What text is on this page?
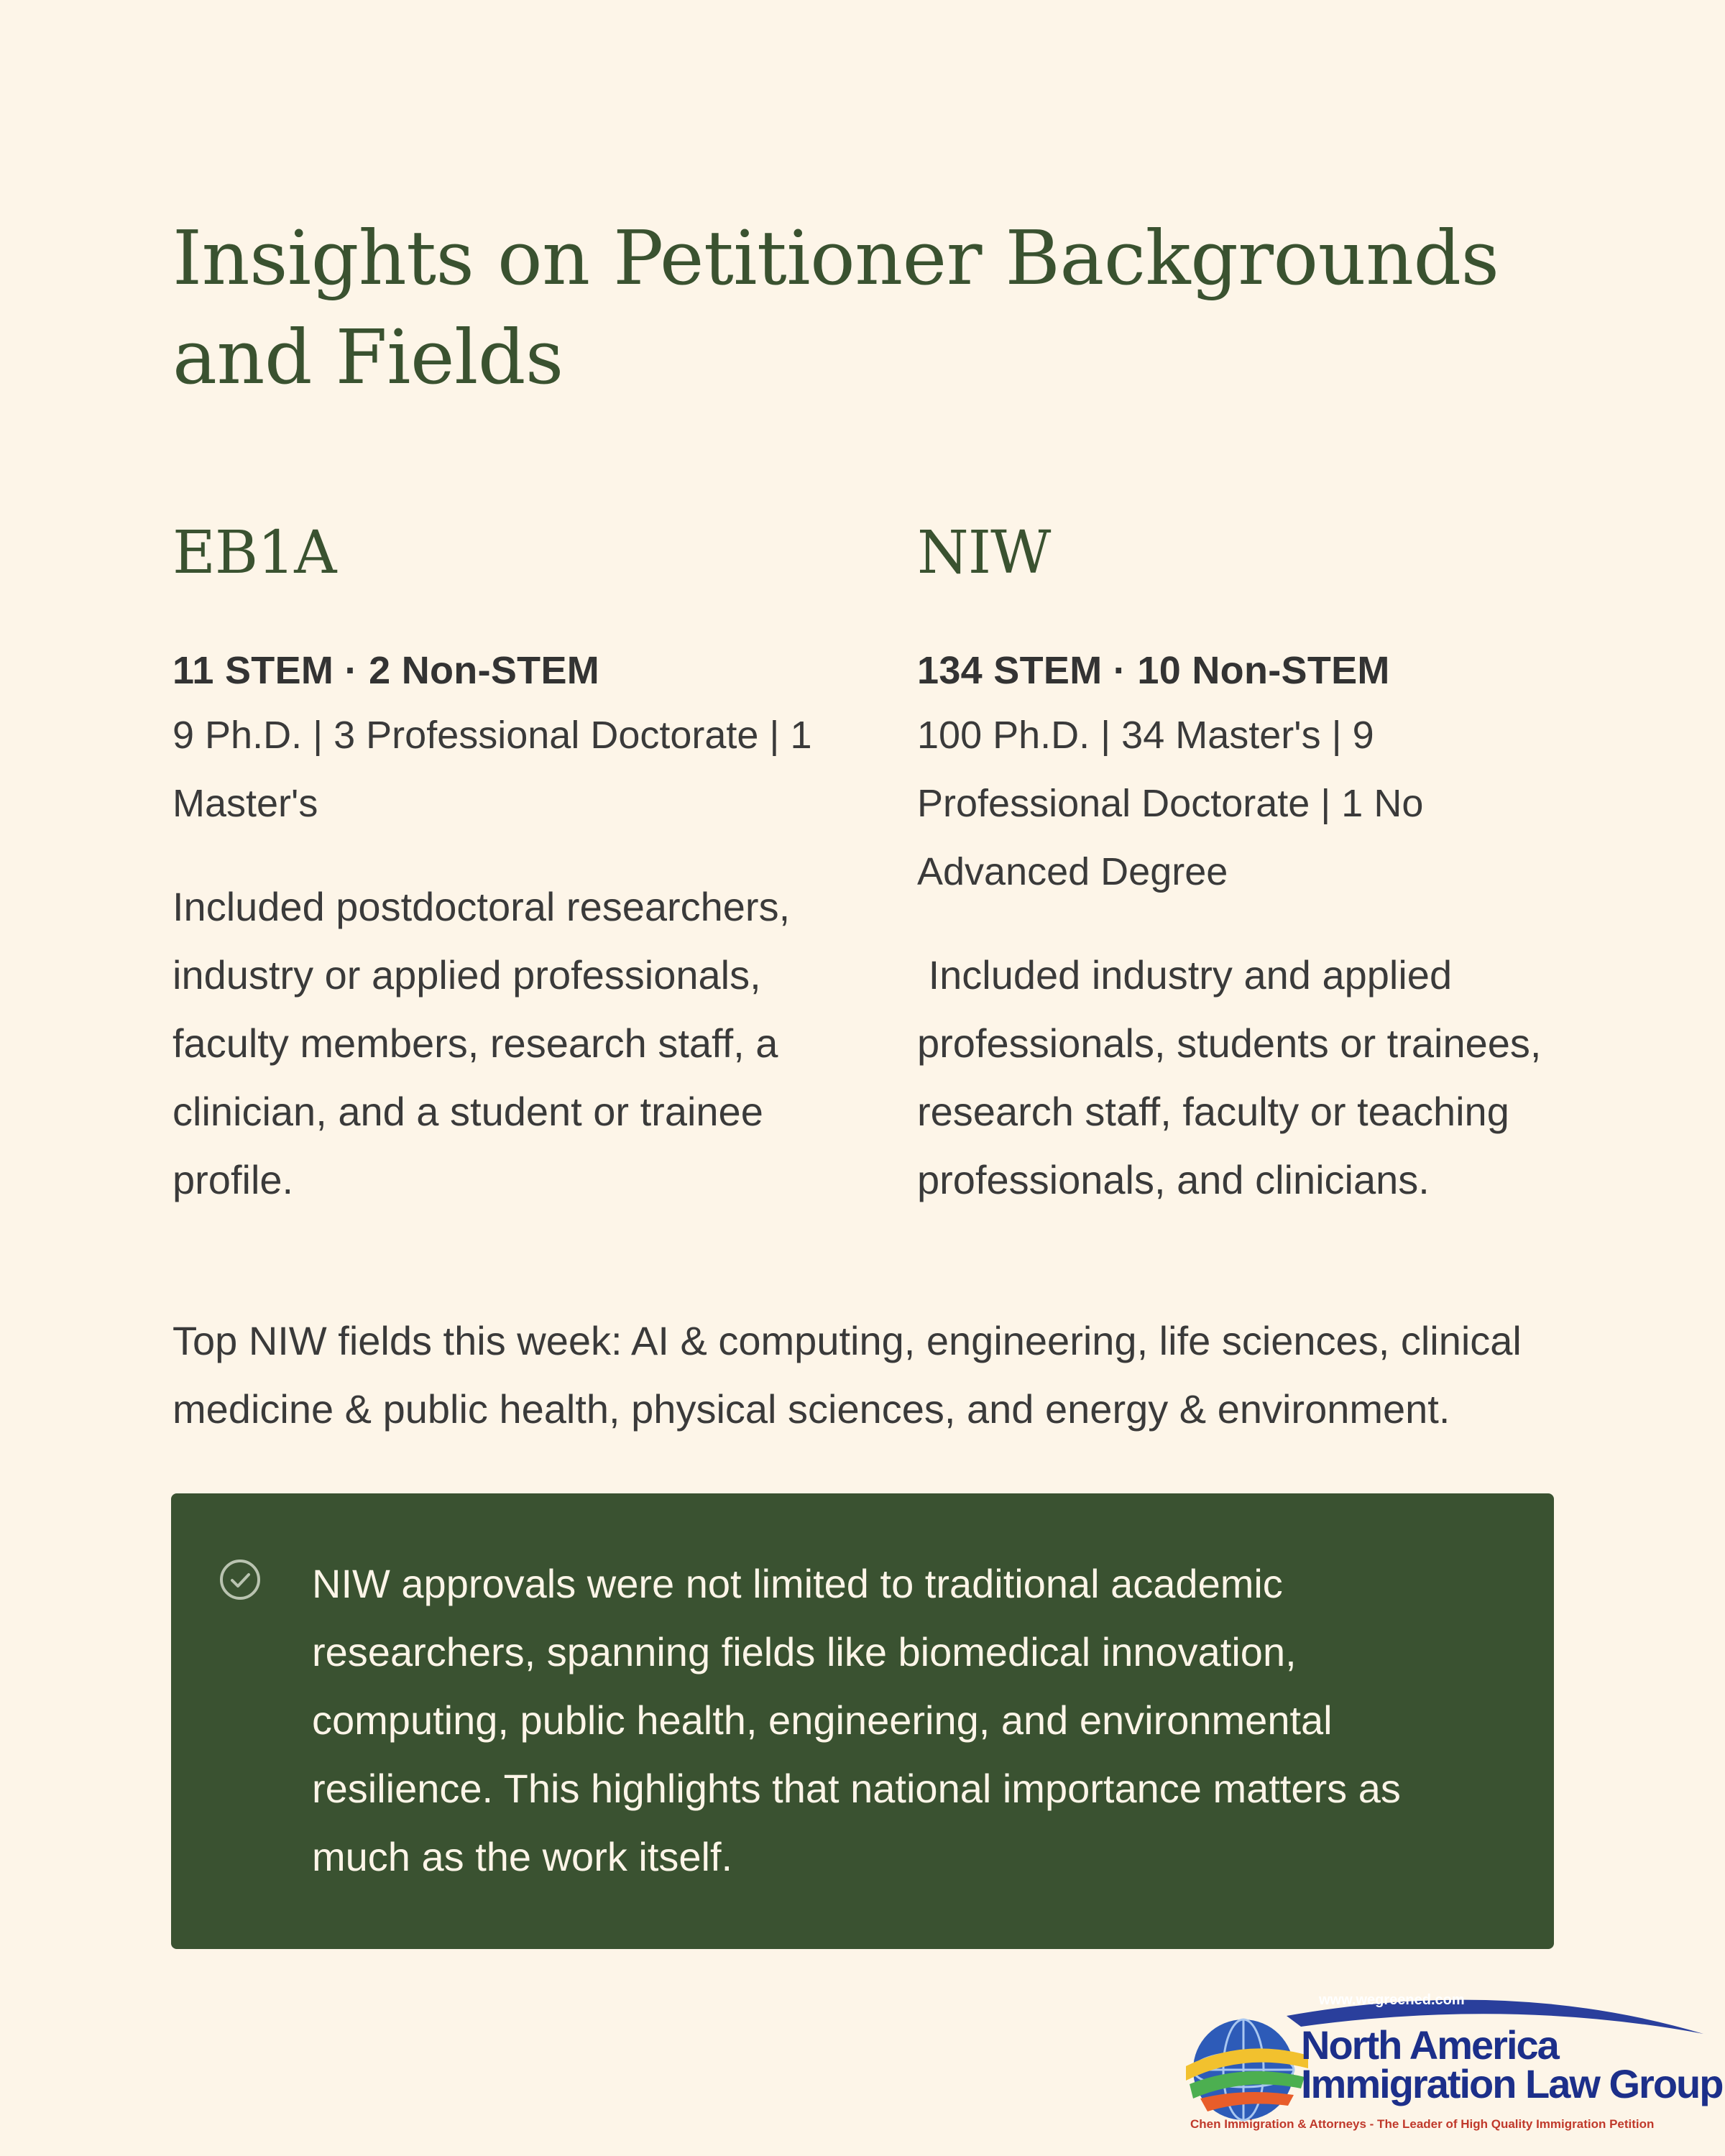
Insights on Petitioner Backgrounds and Fields
EB1A
11 STEM · 2 Non-STEM
9 Ph.D. | 3 Professional Doctorate | 1 Master's
Included postdoctoral researchers, industry or applied professionals, faculty members, research staff, a clinician, and a student or trainee profile.
NIW
134 STEM · 10 Non-STEM
100 Ph.D. | 34 Master's | 9 Professional Doctorate | 1 No Advanced Degree
Included industry and applied professionals, students or trainees, research staff, faculty or teaching professionals, and clinicians.

Top NIW fields this week: AI & computing, engineering, life sciences, clinical medicine & public health, physical sciences, and energy & environment.

NIW approvals were not limited to traditional academic researchers, spanning fields like biomedical innovation, computing, public health, engineering, and environmental resilience. This highlights that national importance matters as much as the work itself.

www.wegreened.com
North America
Immigration Law Group
Chen Immigration & Attorneys - The Leader of High Quality Immigration Petition
